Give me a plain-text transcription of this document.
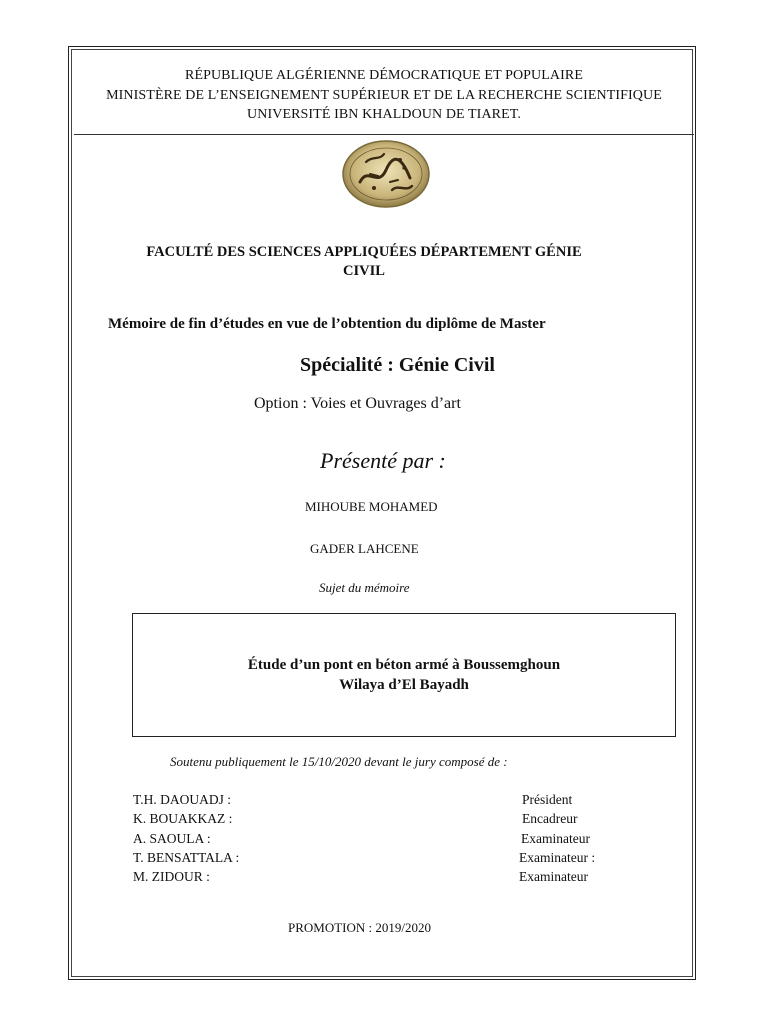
RÉPUBLIQUE ALGÉRIENNE DÉMOCRATIQUE ET POPULAIRE
MINISTÈRE DE L’ENSEIGNEMENT SUPÉRIEUR ET DE LA RECHERCHE SCIENTIFIQUE
UNIVERSITÉ IBN KHALDOUN DE TIARET.
FACULTÉ DES SCIENCES APPLIQUÉES DÉPARTEMENT GÉNIE
CIVIL
Mémoire de fin d’études en vue de l’obtention du diplôme de Master
Spécialité : Génie Civil
Option : Voies et Ouvrages d’art
Présenté par :
MIHOUBE MOHAMED
GADER LAHCENE
Sujet du mémoire
Étude d’un pont en béton armé à Boussemghoun
Wilaya d’El Bayadh
Soutenu publiquement le 15/10/2020 devant le jury composé de :
T.H. DAOUADJ :	Président
K. BOUAKKAZ :	Encadreur
A. SAOULA :	Examinateur
T. BENSATTALA :	Examinateur :
M. ZIDOUR :	Examinateur
PROMOTION : 2019/2020
